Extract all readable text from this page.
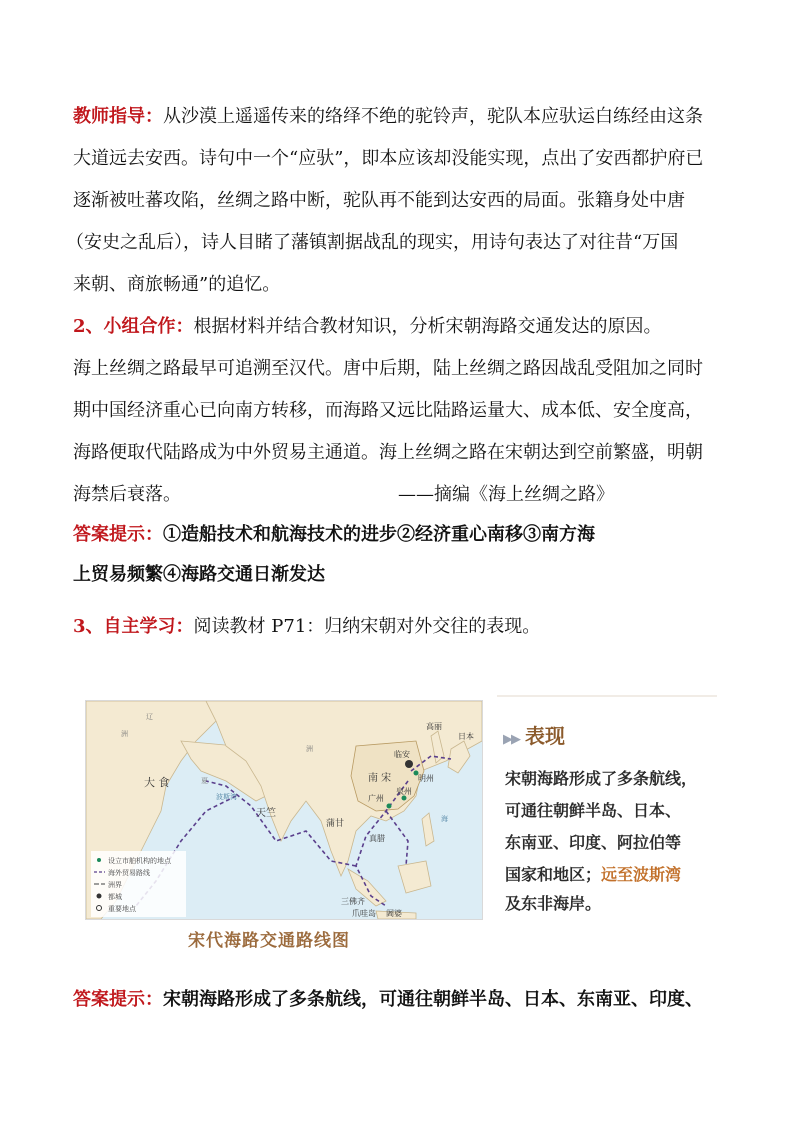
教师指导：从沙漠上遥遥传来的络绎不绝的驼铃声，驼队本应驮运白练经由这条
大道远去安西。诗句中一个“应驮”，即本应该却没能实现，点出了安西都护府已
逐渐被吐蕃攻陷，丝绸之路中断，驼队再不能到达安西的局面。张籍身处中唐
（安史之乱后），诗人目睹了藩镇割据战乱的现实，用诗句表达了对往昔“万国
来朝、商旅畅通”的追忆。
2、小组合作：根据材料并结合教材知识，分析宋朝海路交通发达的原因。
海上丝绸之路最早可追溯至汉代。唐中后期，陆上丝绸之路因战乱受阻加之同时
期中国经济重心已向南方转移，而海路又远比陆路运量大、成本低、安全度高，
海路便取代陆路成为中外贸易主通道。海上丝绸之路在宋朝达到空前繁盛，明朝
海禁后衰落。	——摘编《海上丝绸之路》
答案提示：①造船技术和航海技术的进步②经济重心南移③南方海
上贸易频繁④海路交通日渐发达
3、自主学习：阅读教材 P71：归纳宋朝对外交往的表现。
大 食
天竺
南 宋
临安
明州
广州
泉州
高丽
日本
蒲甘
真腊
三佛齐
阇婆
爪哇岛
波斯湾
夏
辽
洲
洲
海
设立市舶机构的地点
海外贸易路线
洲界
都城
重要地点
宋代海路交通路线图
▶▶ 表现
宋朝海路形成了多条航线，
可通往朝鲜半岛、日本、
东南亚、印度、阿拉伯等
国家和地区；远至波斯湾
及东非海岸。
答案提示：宋朝海路形成了多条航线，可通往朝鲜半岛、日本、东南亚、印度、
